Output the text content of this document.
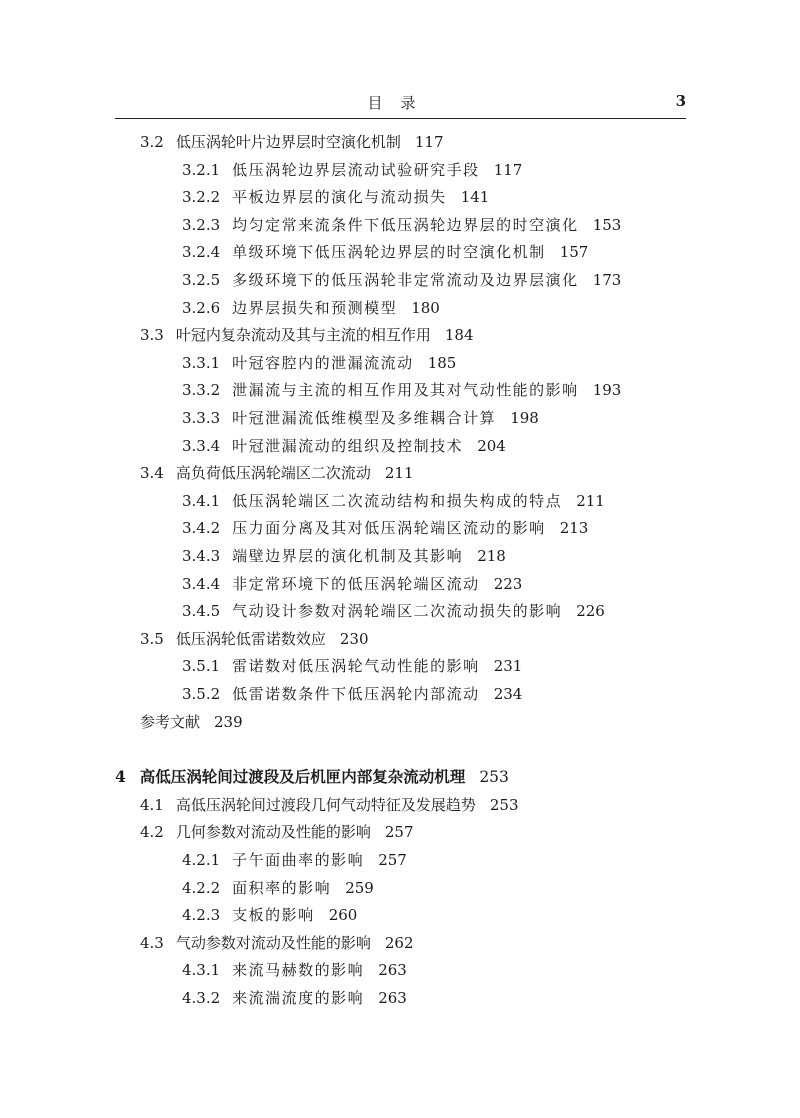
目录	3
3.2 低压涡轮叶片边界层时空演化机制 117
3.2.1 低压涡轮边界层流动试验研究手段 117
3.2.2 平板边界层的演化与流动损失 141
3.2.3 均匀定常来流条件下低压涡轮边界层的时空演化 153
3.2.4 单级环境下低压涡轮边界层的时空演化机制 157
3.2.5 多级环境下的低压涡轮非定常流动及边界层演化 173
3.2.6 边界层损失和预测模型 180
3.3 叶冠内复杂流动及其与主流的相互作用 184
3.3.1 叶冠容腔内的泄漏流流动 185
3.3.2 泄漏流与主流的相互作用及其对气动性能的影响 193
3.3.3 叶冠泄漏流低维模型及多维耦合计算 198
3.3.4 叶冠泄漏流动的组织及控制技术 204
3.4 高负荷低压涡轮端区二次流动 211
3.4.1 低压涡轮端区二次流动结构和损失构成的特点 211
3.4.2 压力面分离及其对低压涡轮端区流动的影响 213
3.4.3 端壁边界层的演化机制及其影响 218
3.4.4 非定常环境下的低压涡轮端区流动 223
3.4.5 气动设计参数对涡轮端区二次流动损失的影响 226
3.5 低压涡轮低雷诺数效应 230
3.5.1 雷诺数对低压涡轮气动性能的影响 231
3.5.2 低雷诺数条件下低压涡轮内部流动 234
参考文献 239
4 高低压涡轮间过渡段及后机匣内部复杂流动机理 253
4.1 高低压涡轮间过渡段几何气动特征及发展趋势 253
4.2 几何参数对流动及性能的影响 257
4.2.1 子午面曲率的影响 257
4.2.2 面积率的影响 259
4.2.3 支板的影响 260
4.3 气动参数对流动及性能的影响 262
4.3.1 来流马赫数的影响 263
4.3.2 来流湍流度的影响 263
